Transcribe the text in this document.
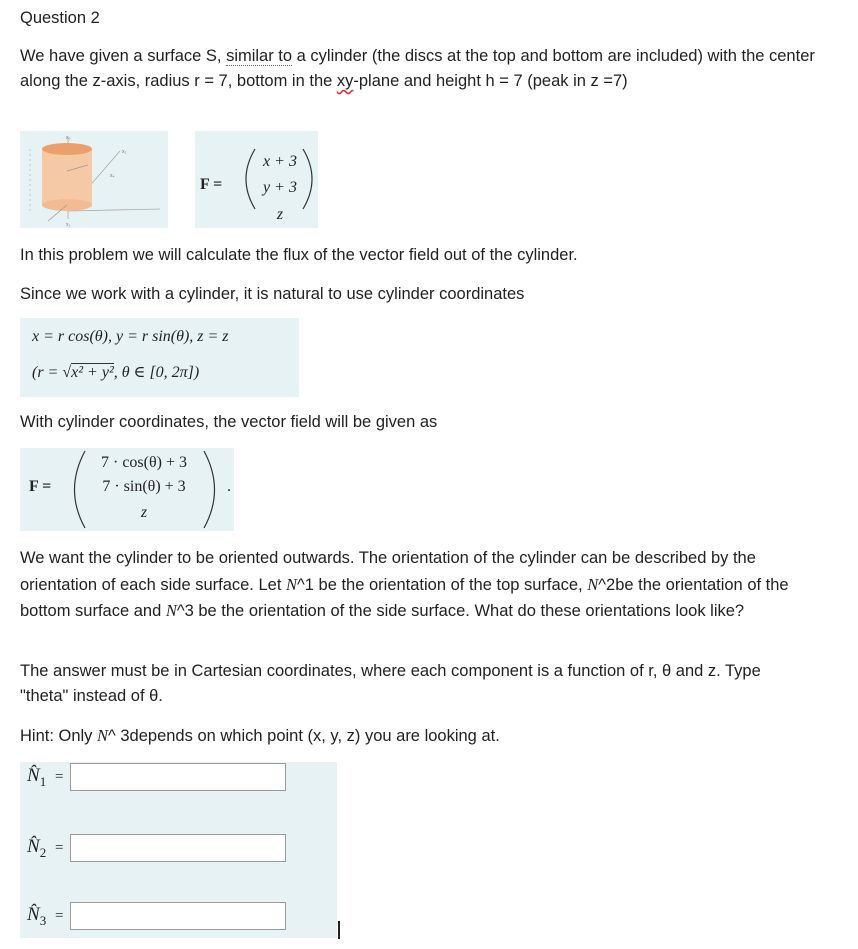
Question 2

We have given a surface S, similar to a cylinder (the discs at the top and bottom are included) with the center along the z-axis, radius r = 7, bottom in the xy-plane and height h = 7 (peak in z =7)

x₃
x₂
x₄
x₁
F =
x + 3
y + 3
z

In this problem we will calculate the flux of the vector field out of the cylinder.

Since we work with a cylinder, it is natural to use cylinder coordinates

x = r cos(θ), y = r sin(θ), z = z
(r = √x² + y², θ ∈ [0, 2π])

With cylinder coordinates, the vector field will be given as

F =
7 · cos(θ) + 3
7 · sin(θ) + 3
z
.

We want the cylinder to be oriented outwards. The orientation of the cylinder can be described by the orientation of each side surface. Let N^1 be the orientation of the top surface, N^2be the orientation of the bottom surface and N^3 be the orientation of the side surface. What do these orientations look like?

The answer must be in Cartesian coordinates, where each component is a function of r, θ and z. Type "theta" instead of θ.

Hint: Only N^ 3depends on which point (x, y, z) you are looking at.

$N̂_1$ =
$N̂_2$ =
$N̂_3$ =
